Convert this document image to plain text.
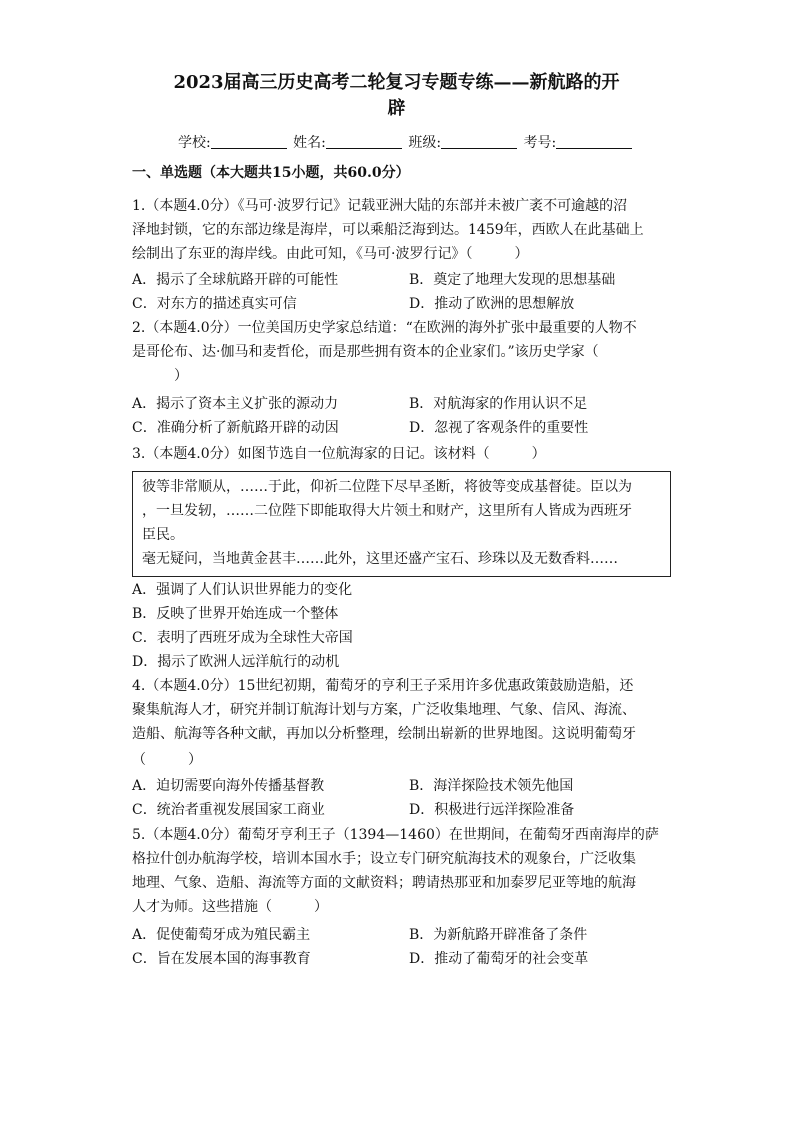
2023届高三历史高考二轮复习专题专练——新航路的开
辟
学校:	姓名:	班级:	考号:
一、单选题（本大题共15小题，共60.0分）
1.（本题4.0分）《马可·波罗行记》记载亚洲大陆的东部并未被广袤不可逾越的沼
泽地封锁，它的东部边缘是海岸，可以乘船泛海到达。1459年，西欧人在此基础上
绘制出了东亚的海岸线。由此可知，《马可·波罗行记》（　　　）
A．揭示了全球航路开辟的可能性	B．奠定了地理大发现的思想基础
C．对东方的描述真实可信	D．推动了欧洲的思想解放
2.（本题4.0分）一位美国历史学家总结道：“在欧洲的海外扩张中最重要的人物不
是哥伦布、达·伽马和麦哲伦，而是那些拥有资本的企业家们。”该历史学家（
　　　）
A．揭示了资本主义扩张的源动力	B．对航海家的作用认识不足
C．准确分析了新航路开辟的动因	D．忽视了客观条件的重要性
3.（本题4.0分）如图节选自一位航海家的日记。该材料（　　　）
彼等非常顺从，……于此，仰祈二位陛下尽早圣断，将彼等变成基督徒。臣以为
，一旦发轫，……二位陛下即能取得大片领土和财产，这里所有人皆成为西班牙
臣民。
毫无疑问，当地黄金甚丰……此外，这里还盛产宝石、珍珠以及无数香料……
A．强调了人们认识世界能力的变化
B．反映了世界开始连成一个整体
C．表明了西班牙成为全球性大帝国
D．揭示了欧洲人远洋航行的动机
4.（本题4.0分）15世纪初期，葡萄牙的亨利王子采用许多优惠政策鼓励造船，还
聚集航海人才，研究并制订航海计划与方案，广泛收集地理、气象、信风、海流、
造船、航海等各种文献，再加以分析整理，绘制出崭新的世界地图。这说明葡萄牙
（　　　）
A．迫切需要向海外传播基督教	B．海洋探险技术领先他国
C．统治者重视发展国家工商业	D．积极进行远洋探险准备
5.（本题4.0分）葡萄牙亨利王子（1394—1460）在世期间，在葡萄牙西南海岸的萨
格拉什创办航海学校，培训本国水手；设立专门研究航海技术的观象台，广泛收集
地理、气象、造船、海流等方面的文献资料；聘请热那亚和加泰罗尼亚等地的航海
人才为师。这些措施（　　　）
A．促使葡萄牙成为殖民霸主	B．为新航路开辟准备了条件
C．旨在发展本国的海事教育	D．推动了葡萄牙的社会变革
